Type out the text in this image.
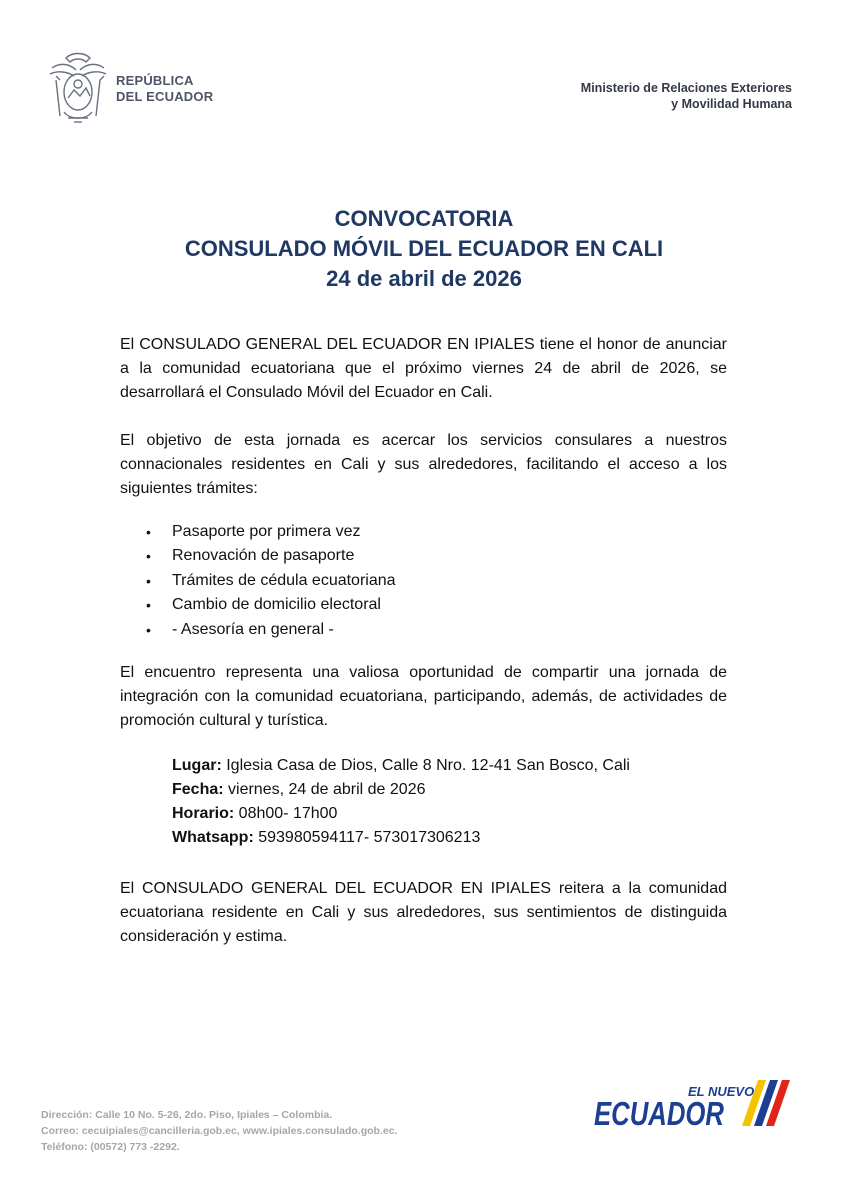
REPÚBLICA
DEL ECUADOR
Ministerio de Relaciones Exteriores
y Movilidad Humana
CONVOCATORIA
CONSULADO MÓVIL DEL ECUADOR EN CALI
24 de abril de 2026
El CONSULADO GENERAL DEL ECUADOR EN IPIALES tiene el honor de anunciar a la comunidad ecuatoriana que el próximo viernes 24 de abril de 2026, se desarrollará el Consulado Móvil del Ecuador en Cali.
El objetivo de esta jornada es acercar los servicios consulares a nuestros connacionales residentes en Cali y sus alrededores, facilitando el acceso a los siguientes trámites:
• Pasaporte por primera vez
• Renovación de pasaporte
• Trámites de cédula ecuatoriana
• Cambio de domicilio electoral
• - Asesoría en general -
El encuentro representa una valiosa oportunidad de compartir una jornada de integración con la comunidad ecuatoriana, participando, además, de actividades de promoción cultural y turística.
Lugar: Iglesia Casa de Dios, Calle 8 Nro. 12-41 San Bosco, Cali
Fecha: viernes, 24 de abril de 2026
Horario: 08h00- 17h00
Whatsapp: 593980594117- 573017306213
El CONSULADO GENERAL DEL ECUADOR EN IPIALES reitera a la comunidad ecuatoriana residente en Cali y sus alrededores, sus sentimientos de distinguida consideración y estima.
Dirección: Calle 10 No. 5-26, 2do. Piso, Ipiales – Colombia.
Correo: cecuipiales@cancilleria.gob.ec, www.ipiales.consulado.gob.ec.
Teléfono: (00572) 773 -2292.
EL NUEVO
ECUADOR
